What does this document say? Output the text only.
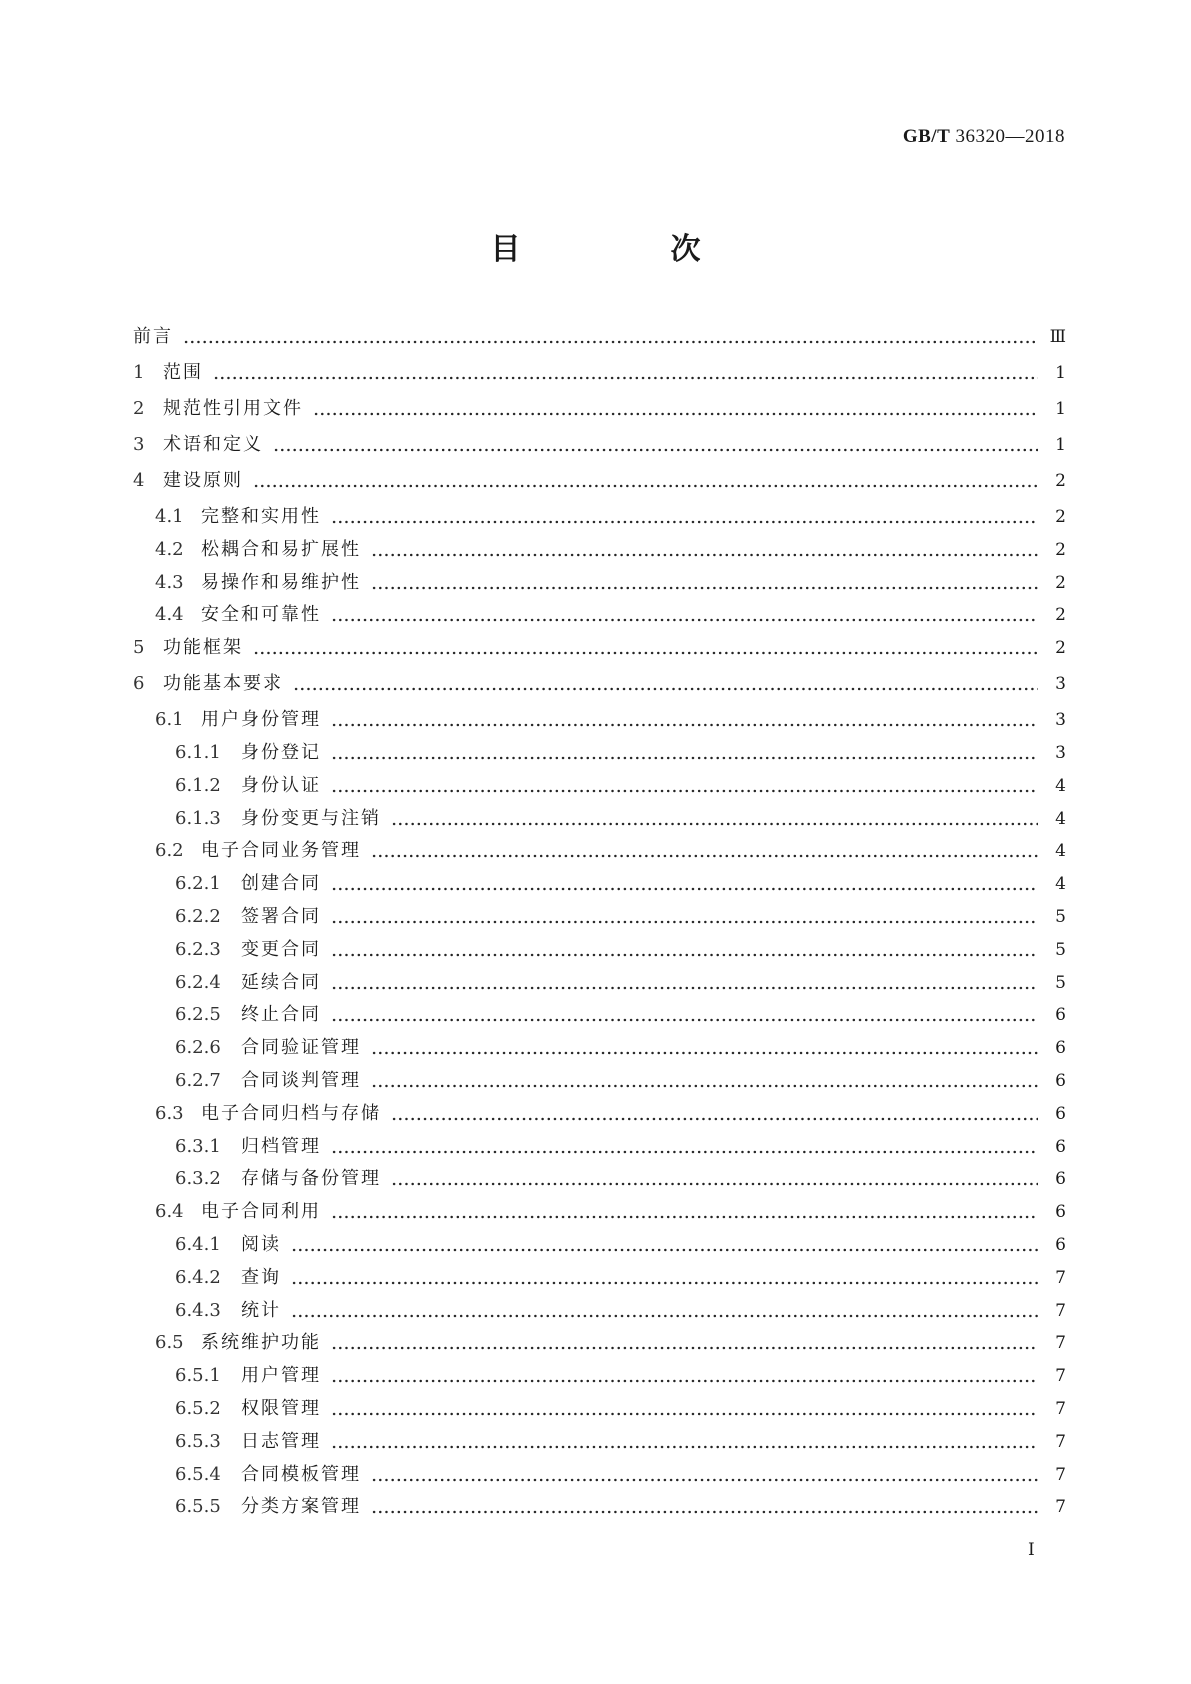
GB/T 36320—2018
目　次
前言	Ⅲ
1	范围	1
2	规范性引用文件	1
3	术语和定义	1
4	建设原则	2
4.1 完整和实用性	2
4.2 松耦合和易扩展性	2
4.3 易操作和易维护性	2
4.4 安全和可靠性	2
5	功能框架	2
6	功能基本要求	3
6.1 用户身份管理	3
6.1.1	身份登记	3
6.1.2	身份认证	4
6.1.3	身份变更与注销	4
6.2 电子合同业务管理	4
6.2.1	创建合同	4
6.2.2	签署合同	5
6.2.3	变更合同	5
6.2.4	延续合同	5
6.2.5	终止合同	6
6.2.6	合同验证管理	6
6.2.7	合同谈判管理	6
6.3 电子合同归档与存储	6
6.3.1	归档管理	6
6.3.2	存储与备份管理	6
6.4 电子合同利用	6
6.4.1	阅读	6
6.4.2	查询	7
6.4.3	统计	7
6.5 系统维护功能	7
6.5.1	用户管理	7
6.5.2	权限管理	7
6.5.3	日志管理	7
6.5.4	合同模板管理	7
6.5.5	分类方案管理	7
Ⅰ
